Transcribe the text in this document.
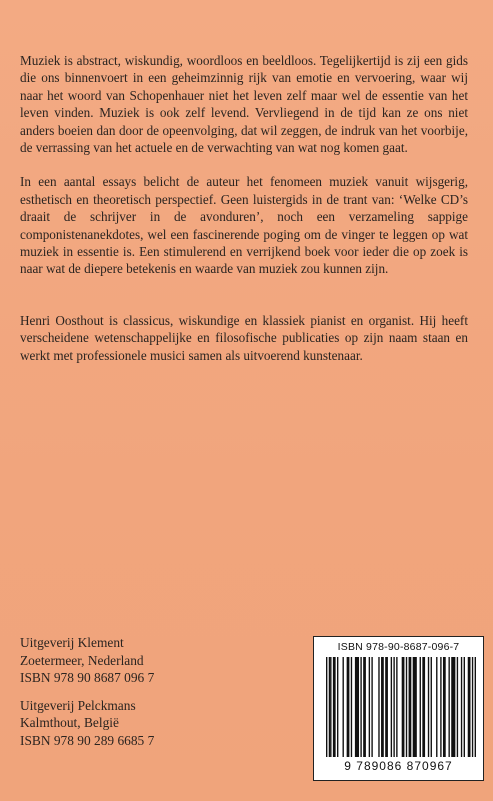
Muziek is abstract, wiskundig, woordloos en beeldloos. Tegelijkertijd is zij een gids die ons binnenvoert in een geheimzinnig rijk van emotie en vervoering, waar wij naar het woord van Schopenhauer niet het leven zelf maar wel de essentie van het leven vinden. Muziek is ook zelf levend. Vervliegend in de tijd kan ze ons niet anders boeien dan door de opeenvolging, dat wil zeggen, de indruk van het voorbije, de verrassing van het actuele en de verwachting van wat nog komen gaat.

In een aantal essays belicht de auteur het fenomeen muziek vanuit wijsgerig, esthetisch en theoretisch perspectief. Geen luistergids in de trant van: ‘Welke CD’s draait de schrijver in de avonduren’, noch een verzameling sappige componistenanekdotes, wel een fascinerende poging om de vinger te leggen op wat muziek in essentie is. Een stimulerend en verrijkend boek voor ieder die op zoek is naar wat de diepere betekenis en waarde van muziek zou kunnen zijn.

Henri Oosthout is classicus, wiskundige en klassiek pianist en organist. Hij heeft verscheidene wetenschappelijke en filosofische publicaties op zijn naam staan en werkt met professionele musici samen als uitvoerend kunstenaar.

Uitgeverij Klement
Zoetermeer, Nederland
ISBN 978 90 8687 096 7
Uitgeverij Pelckmans
Kalmthout, België
ISBN 978 90 289 6685 7
ISBN 978-90-8687-096-7
9 789086 870967
